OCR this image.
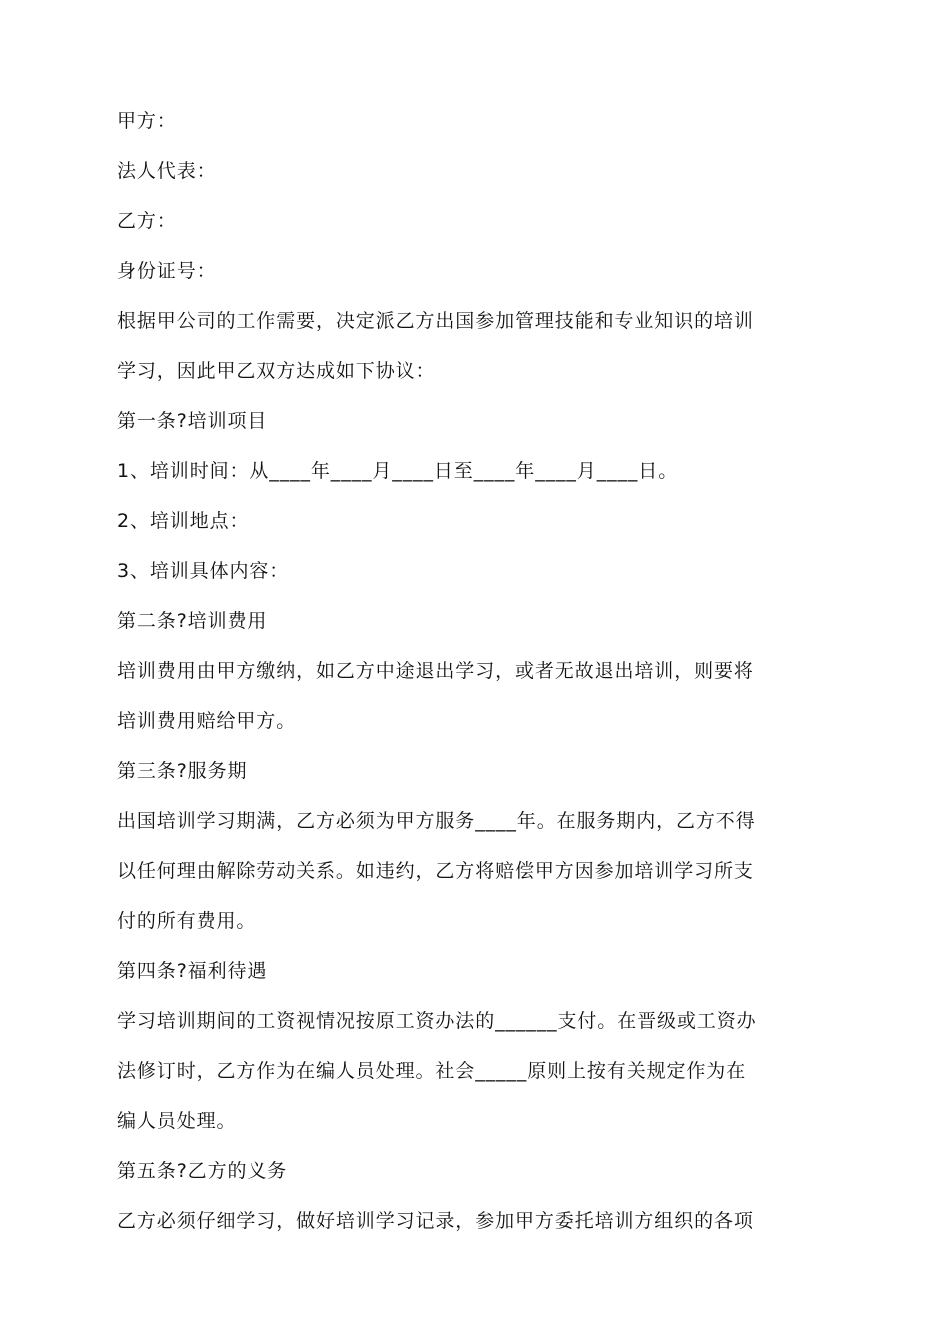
甲方：
法人代表：
乙方：
身份证号：
根据甲公司的工作需要，决定派乙方出国参加管理技能和专业知识的培训
学习，因此甲乙双方达成如下协议：
第一条?培训项目
1、培训时间：从____年____月____日至____年____月____日。
2、培训地点：
3、培训具体内容：
第二条?培训费用
培训费用由甲方缴纳，如乙方中途退出学习，或者无故退出培训，则要将
培训费用赔给甲方。
第三条?服务期
出国培训学习期满，乙方必须为甲方服务____年。在服务期内，乙方不得
以任何理由解除劳动关系。如违约，乙方将赔偿甲方因参加培训学习所支
付的所有费用。
第四条?福利待遇
学习培训期间的工资视情况按原工资办法的______支付。在晋级或工资办
法修订时，乙方作为在编人员处理。社会_____原则上按有关规定作为在
编人员处理。
第五条?乙方的义务
乙方必须仔细学习，做好培训学习记录，参加甲方委托培训方组织的各项
